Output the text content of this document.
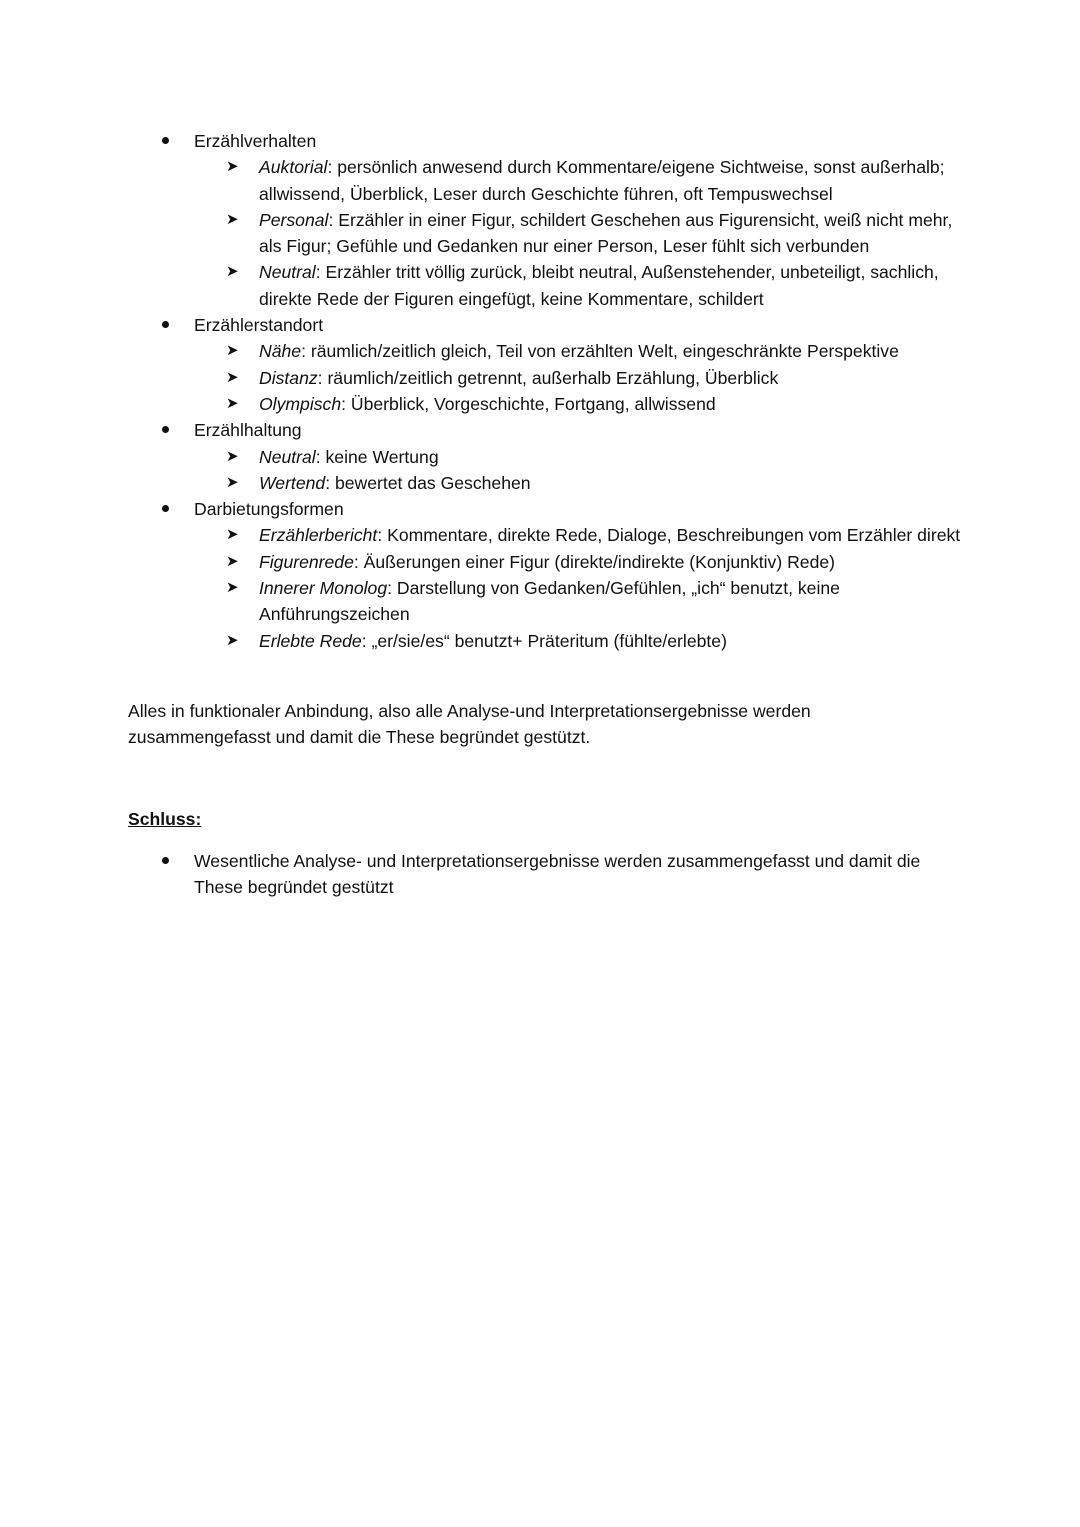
Erzählverhalten
➤ Auktorial: persönlich anwesend durch Kommentare/eigene Sichtweise, sonst außerhalb; allwissend, Überblick, Leser durch Geschichte führen, oft Tempuswechsel
➤ Personal: Erzähler in einer Figur, schildert Geschehen aus Figurensicht, weiß nicht mehr, als Figur; Gefühle und Gedanken nur einer Person, Leser fühlt sich verbunden
➤ Neutral: Erzähler tritt völlig zurück, bleibt neutral, Außenstehender, unbeteiligt, sachlich, direkte Rede der Figuren eingefügt, keine Kommentare, schildert
Erzählerstandort
➤ Nähe: räumlich/zeitlich gleich, Teil von erzählten Welt, eingeschränkte Perspektive
➤ Distanz: räumlich/zeitlich getrennt, außerhalb Erzählung, Überblick
➤ Olympisch: Überblick, Vorgeschichte, Fortgang, allwissend
Erzählhaltung
➤ Neutral: keine Wertung
➤ Wertend: bewertet das Geschehen
Darbietungsformen
➤ Erzählerbericht: Kommentare, direkte Rede, Dialoge, Beschreibungen vom Erzähler direkt
➤ Figurenrede: Äußerungen einer Figur (direkte/indirekte (Konjunktiv) Rede)
➤ Innerer Monolog: Darstellung von Gedanken/Gefühlen, „ich“ benutzt, keine Anführungszeichen
➤ Erlebte Rede: „er/sie/es“ benutzt+ Präteritum (fühlte/erlebte)

Alles in funktionaler Anbindung, also alle Analyse-und Interpretationsergebnisse werden zusammengefasst und damit die These begründet gestützt.

Schluss:
Wesentliche Analyse- und Interpretationsergebnisse werden zusammengefasst und damit die These begründet gestützt
